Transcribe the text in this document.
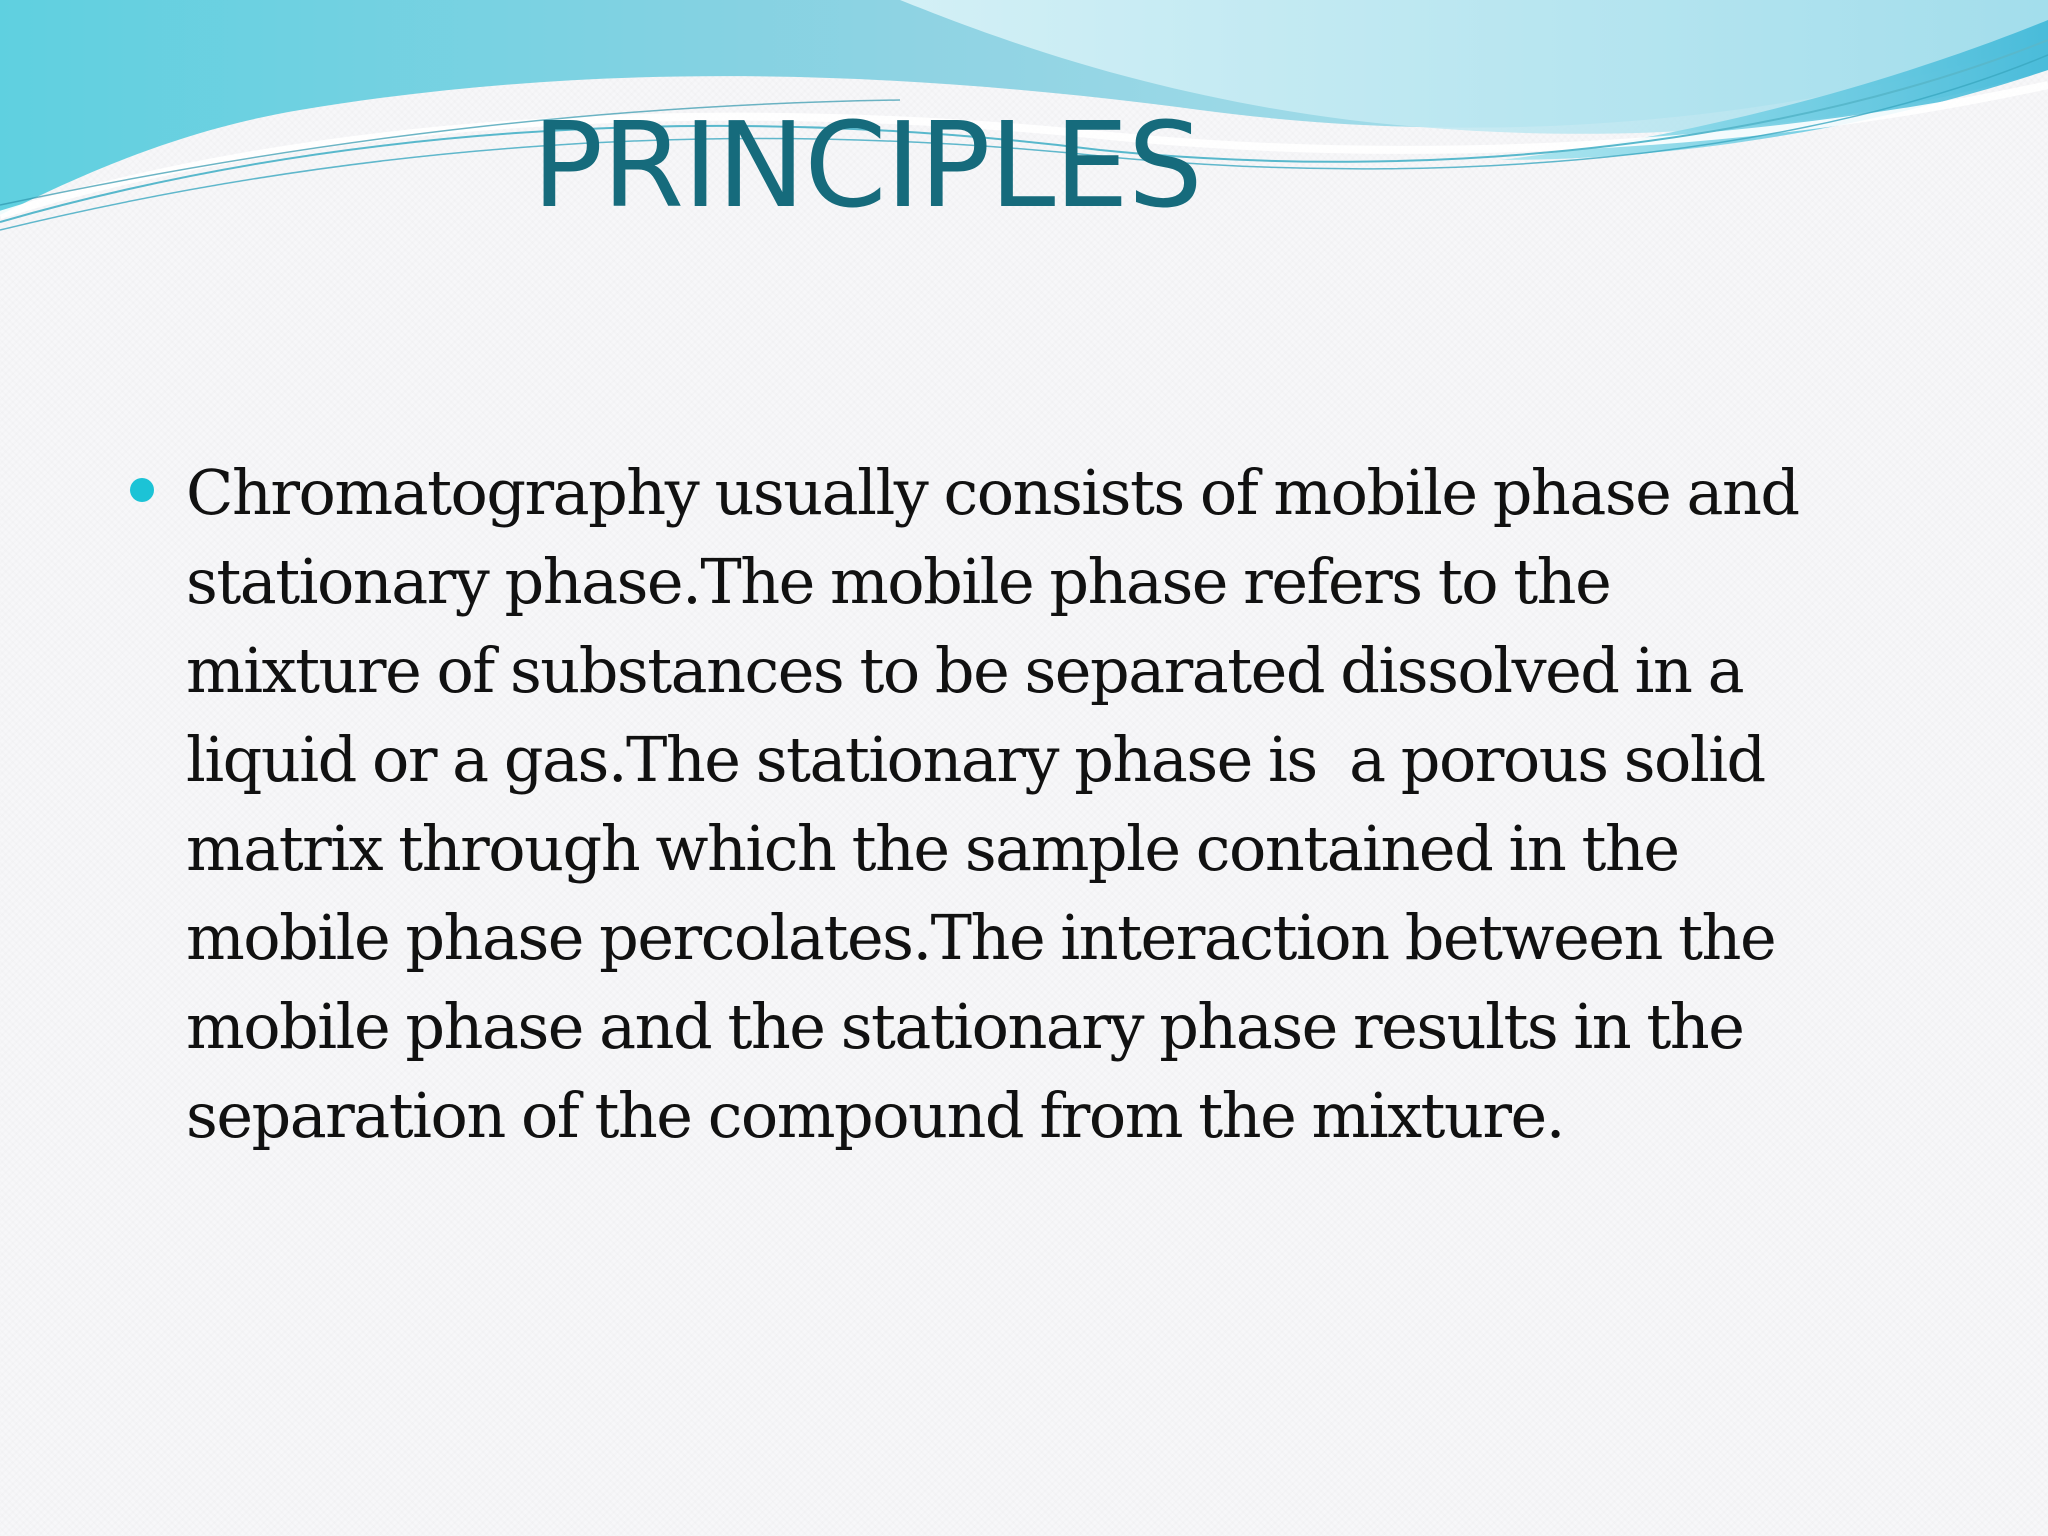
PRINCIPLES

Chromatography usually consists of mobile phase and
stationary phase.The mobile phase refers to the
mixture of substances to be separated dissolved in a
liquid or a gas.The stationary phase is  a porous solid
matrix through which the sample contained in the
mobile phase percolates.The interaction between the
mobile phase and the stationary phase results in the
separation of the compound from the mixture.
